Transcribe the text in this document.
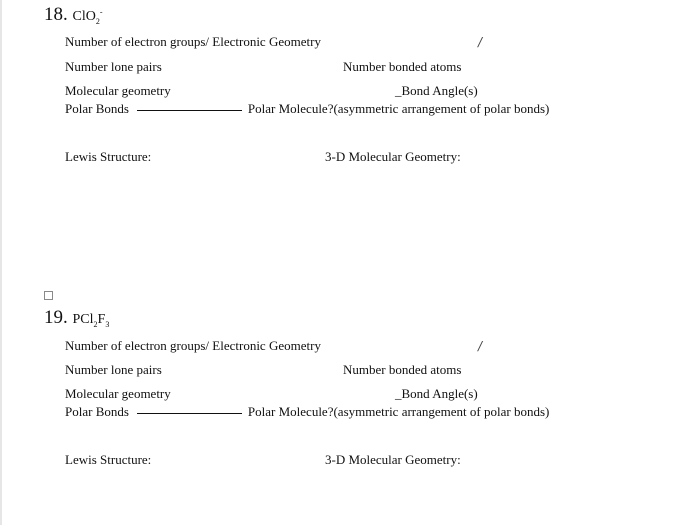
18. ClO$_2$-
Number of electron groups/ Electronic Geometry	/
Number lone pairs	Number bonded atoms
Molecular geometry	_Bond Angle(s)
Polar Bonds	Polar Molecule?(asymmetric arrangement of polar bonds)
Lewis Structure:	3-D Molecular Geometry:
19. $PCl_2F_3$
Number of electron groups/ Electronic Geometry	/
Number lone pairs	Number bonded atoms
Molecular geometry	_Bond Angle(s)
Polar Bonds	Polar Molecule?(asymmetric arrangement of polar bonds)
Lewis Structure:	3-D Molecular Geometry:
